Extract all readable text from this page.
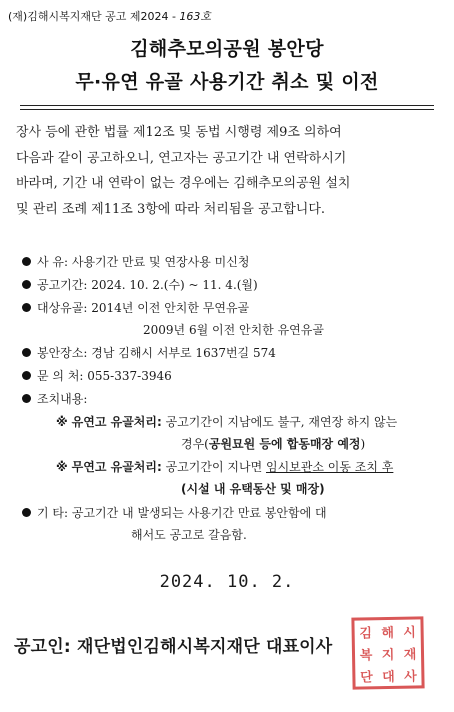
(재)김해시복지재단 공고 제2024 - 163호
김해추모의공원 봉안당
무·유연 유골 사용기간 취소 및 이전

장사 등에 관한 법률 제12조 및 동법 시행령 제9조 의하여
다음과 같이 공고하오니, 연고자는 공고기간 내 연락하시기
바라며, 기간 내 연락이 없는 경우에는 김해추모의공원 설치
및 관리 조례 제11조 3항에 따라 처리됨을 공고합니다.

사 유: 사용기간 만료 및 연장사용 미신청
공고기간: 2024. 10. 2.(수) ~ 11. 4.(월)
대상유골: 2014년 이전 안치한 무연유골
2009년 6월 이전 안치한 유연유골
봉안장소: 경남 김해시 서부로 1637번길 574
문 의 처: 055-337-3946
조치내용:
※ 유연고 유골처리: 공고기간이 지남에도 불구, 재연장 하지 않는
경우(공원묘원 등에 합동매장 예정)
※ 무연고 유골처리: 공고기간이 지나면 임시보관소 이동 조치 후
(시설 내 유택동산 및 매장)
기 타: 공고기간 내 발생되는 사용기간 만료 봉안함에 대
해서도 공고로 갈음함.
2024. 10. 2.
공고인: 재단법인김해시복지재단 대표이사
김 해 시
복 지 재
단 대 사
